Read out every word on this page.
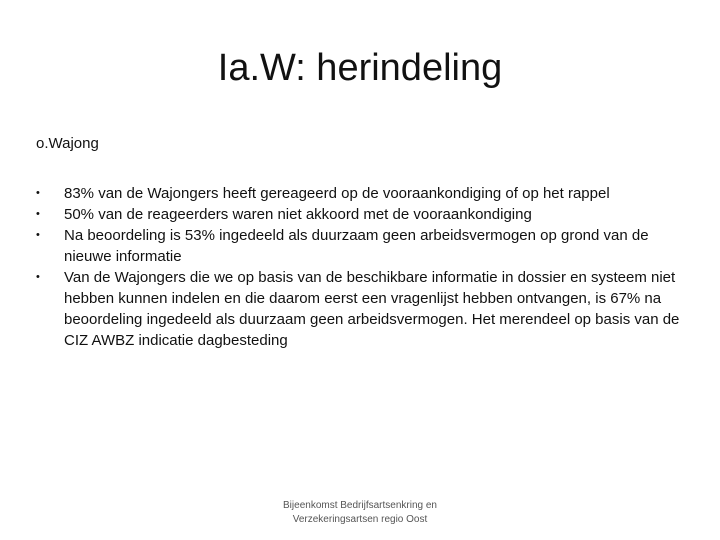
Ia.W: herindeling

o.Wajong

•	83% van de Wajongers heeft gereageerd op de vooraankondiging of op het rappel
•	50% van de reageerders waren niet akkoord met de vooraankondiging
•	Na beoordeling is 53% ingedeeld als duurzaam geen arbeidsvermogen op grond van de nieuwe informatie
•	Van de Wajongers die we op basis van de beschikbare informatie in dossier en systeem niet hebben kunnen indelen en die daarom eerst een vragenlijst hebben ontvangen, is 67% na beoordeling ingedeeld als duurzaam geen arbeidsvermogen. Het merendeel op basis van de CIZ AWBZ indicatie dagbesteding
Bijeenkomst Bedrijfsartsenkring en
Verzekeringsartsen regio Oost
